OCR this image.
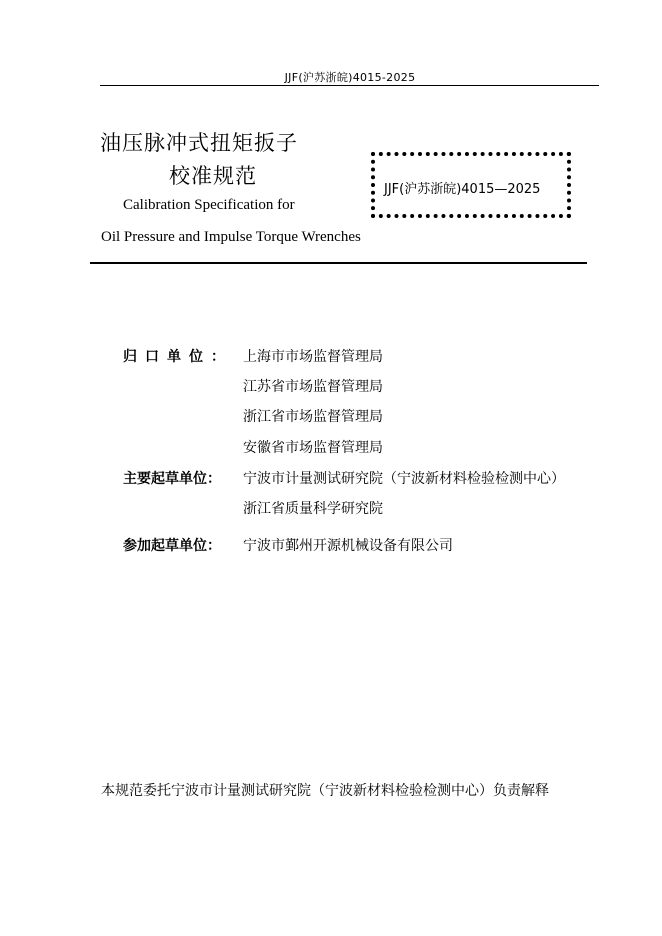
JJF(沪苏浙皖)4015-2025
油压脉冲式扭矩扳子
校准规范
Calibration Specification for
Oil Pressure and Impulse Torque Wrenches
JJF(沪苏浙皖)4015—2025
归口单位： 上海市市场监督管理局
江苏省市场监督管理局
浙江省市场监督管理局
安徽省市场监督管理局
主要起草单位： 宁波市计量测试研究院（宁波新材料检验检测中心）
浙江省质量科学研究院
参加起草单位： 宁波市鄞州开源机械设备有限公司
本规范委托宁波市计量测试研究院（宁波新材料检验检测中心）负责解释
